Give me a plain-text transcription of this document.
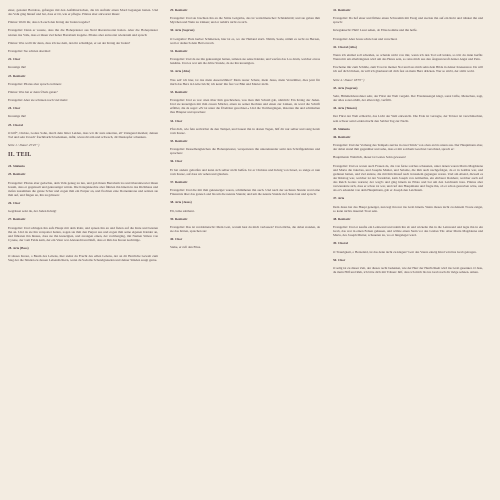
einer, genannt Barrabas, gefangen mit den Aufrührerischen, die im Aufruhr einen Mord begangen hatten. Und das Volk ging hinauf und bat, dass er tät, wie er pflegte. Pilatus aber antwortet ihnen:
Pilatus: Wollt ihr, dass ich euch den König der Juden losgebe?
Evangelist: Denn er wusste, dass ihn die Hohepriester aus Neid überantwortet hatten. Aber die Hohepriester reizten das Volk, dass er ihnen viel lieber Barrabam losgebe. Pilatus aber antwortet wiederum und sprach:
Pilatus: Was wollt ihr denn, dass ich tue dem, den ihr schuldiget, er sei der König der Juden?
Evangelist: Sie schrien abermal:
22. Chor
Kreuzige ihn!
23. Rezitativ
Evangelist: Pilatus aber sprach zu ihnen:
Pilatus: Was hat er denn Übels getan?
Evangelist: Aber sie schrieen noch viel mehr:
24. Chor
Kreuzige ihn!
25. Choral
O hilf*, Christe, Gottes Sohn, durch dein bitter Leiden, dass wir dir stets untertan, all' Untugend meiden; deinen Tod und sein Ursach' fruchtbarlich bedenken, dafür, wiewohl arm und schwach, dir Dankopfer schenken.
Seite 1 / Dauer 25'45" )
II. TEIL
24. Sinfonia
25. Rezitativ
Evangelist: Pilatus aber gedachte, dem Volk genug zu tun, und gab ihnen Barrabam los und überantwortet ihnen Jesum, dass er gegeisselt und gekreuziget würde. Die Kriegsknechte aber führten ihn hinein in das Richthaus und riefen zusammen die ganze Schar und zogen ihm ein Purpur an, und flochten eine Dornenkrone und setzten sie ihm auf, und fingen an, ihn zu grüssen:
26. Chor
Gegrüsset seist du, der Juden König!
27. Rezitativ
Evangelist: Und schlugen ihn aufs Haupt mit dem Rohr, und spieen ihn an und fielen auf die Knie und beteten ihn an. Und da sie ihn verspottet hatten, zogen sie ihm den Purpur aus und zogen ihm seine eigenen Kleider an, und führeten ihn hinaus, dass sie ihn kreuzigten, und zwangen einen, der vorüberging, mit Namen Simon von Cyrene, der vom Felde kam, der ein Vater war Alexandri und Rufi, dass er ihm das Kreuz nachtrüge.
28. Aria (Bass)
O süsses Kreuz, o Baum des Lebens, hier stehst du Frucht des edlen Lebens, der an dir Herrliche Gewalt zum Sieg der die Sünden zu dessen Lebenslichtern, wenn du Sodoms Schandgreuelen und deiner Sünden zeugt gerne.
29. Rezitativ
Evangelist: Und sie brachten ihn an die Stätte Golgatha, das ist verdolmetschet: Schädelstätt; und sie gaben ihm Myrrhen und Wein zu trinken; und er nahm's nicht zu sich.
30. Aria (Sopran)
O Golgatha! Platz herber Schmerzen, hier ist es, wo der Heiland starb. Nimm, Seele, nimm es recht zu Herzen, weil er dadurch dein Heil erwarb.
31. Rezitativ
Evangelist: Und da sie ihn gekreuziget hatten, teileten sie seine Kleider, und warfen das Los drum, welcher etwas bekäme. Und es war um die dritte Stunde, da sie ihn kreuzigten.
32. Aria (Alto)
Was seh' ich hier, ist das mein Auserwählter? Mein teurer Schatz, mein Jesus, mein Verwählter, dies jetzt für mich das Herz in Liebe bricht; ich kenn' ihn fast vor Blut und Marter nicht.
33. Rezitativ
Evangelist: Und es war oben über ihm geschrieben, was man ihm Schuld gab, nämlich: Ein König der Juden. Und sie kreuzigten mit ihm zween Mörder, einen zu seiner Rechten und einen zur Linken, da ward die Schrift erfüllet, die da saget: »Er ist unter die Übeltäter gerechnet.« Und die Vorübergingen, lästerten ihn und schüttelten ihre Häupter und sprachen:
34. Chor
Pfui dich, wie fein zerbrichst du den Tempel, und bauest ihn in dreien Tagen, hilf dir nur selber und steig herab vom Kreuz.
35. Rezitativ
Evangelist: Desselbengleichen die Hohenpriester, verspotteten ihn untereinander samt den Schriftgelehrten und sprachen:
36. Chor
Er hat andern geholfen und kann sich selber nicht helfen. Ist er Christus und König von Israel, so steige er nun vom Kreuz, auf dass wir sehen und glauben.
37. Rezitativ
Evangelist: Und die mit ihm gekreuziget waren, schmäheten ihn auch. Und nach der sechsten Stunde ward eine Finsternis über das ganze Land bis um die neunte Stunde; und um die neunte Stunde rief Jesus laut und sprach:
38. Aria (Jesus)
Eli, lama sabthani.
39. Rezitativ
Evangelist: Das ist verdolmetscht: Mein Gott, warum hast du mich verlassen? Und etliche, die dabei standen, da sie das hörten, sprachen sie:
40. Chor
Siehe, er ruft den Elias.
41. Rezitativ
Evangelist: Da lief einer und füllete einen Schwamm mit Essig und steckte ihn auf ein Rohr und tränket ihn und sprach:
Kriegsknecht: Halt! Lasst sehen, ob Elias komme und ihn helfe.
Evangelist: Aber Jesus schrie laut und verschied.
42. Choral (Alto)
Wenn ich einmal soll scheiden, so scheide nicht von mir, wenn ich den Tod soll leiden, so tritt du dann herfür. Wenn mir am allerbängsten wird um das Herze sein, so reiss mich aus den Ängsten kraft deiner Angst und Pein.
Erscheine mir zum Schilde, zum Trost in meiner Not und lass mich sehn dein Bilde in deiner Kreuzesnot. Da will ich auf dich blicken, da will ich glaubensvoll dich fest an mein Herz drücken. Wer so stirbt, der stirbt wohl.
Seite 4 / Dauer 18'35" )
43. Aria (Sopran)
Sehr, Himmelsbewohner sehr, der Fürst der Welt vergeht. Der Friedensengel klagt, sonst Lüfte, Menschen, zagt, der alles sonst erhält, der alles trägt, verfällt.
44. Aria (Tenore)
Der Fürst der Welt erbleicht, das Licht der Welt entweicht. Die Erde ist verzagte, der Tröster ist verschmachtet, sein schwer sein Leiden macht den Sabbat Tag zur Nacht.
45. Sinfonia
46. Rezitativ
Evangelist: Und der Vorhang des Tempels zerriss in zwei Stück' von oben an bis unten aus. Der Hauptmann aber, der dabei stund ihm gegenüber und sahe, dass er mit solchem Geschrei verschied, sprach er:
Hauptmann: Wahrlich, dieser ist Gottes Sohn gewesen!
Evangelist: Und es waren auch Frauen da, die von ferne solches schaueten, unter denen waren Maria Magdalena und Maria die Jakobus, und Josephs Mutter, und Salome, die ihm auch nachgefolget, da er in Galiläa war, und gedienet hatten, und viel andere, die mit ihm hinauf nach Jerusalem gegangen waren. Und am Abend, dieweil es der Rüsttag war, welcher ist der Vorsabbat, kam Joseph von Arimathia, ein ehrbarer Ratsherr, welcher auch auf das Reich Gottes wartete; der wagt's und ging hinein zu Pilato und bat um den Leichnam Jesu. Pilatus aber verwunderte sich, dass er schon tot war, und rief den Hauptmann und fragte ihn, ob er schon gestorben wäre, und als er's erkundet von dem Hauptmann, gab er Joseph den Leichnam.
47. Aria
Dein Jesus hat das Haupt geneiget, nun legt ihn nur ins Grab hinein. Wenn dieses nicht zu deinem Troste zeiget, so kann nichts dauernd Trost sein.
48. Rezitativ
Evangelist: Und er kaufte ein Leinwand und nahm ihn ab und wickelte ihn in die Leinwand und legte ihn in ein Grab, das war in einen Felsen gehauen, und wälzte einen Stein vor des Grabes Tür. Aber Maria Magdalena und Maria, des Joseph Mutter, schaueten zu, wo er hingeleget ward.
49. Choral
O Traurigkeit, o Herzeleid, ist das denn nicht zu klagen? Gott des Vaters einzig Kind wird ins Grab getragen.
50. Chor
O selig ist zu dieser Zeit, der dieses recht bedenket, wie der Herr der Herrlichkeit wird ins Grab gesenket. O Jesu, du mein Hilf und Ruh, ich bitte dich mit Tränen: hilf, dass ich mich bis ins Grab nach dir möge sehnen. Amen.
